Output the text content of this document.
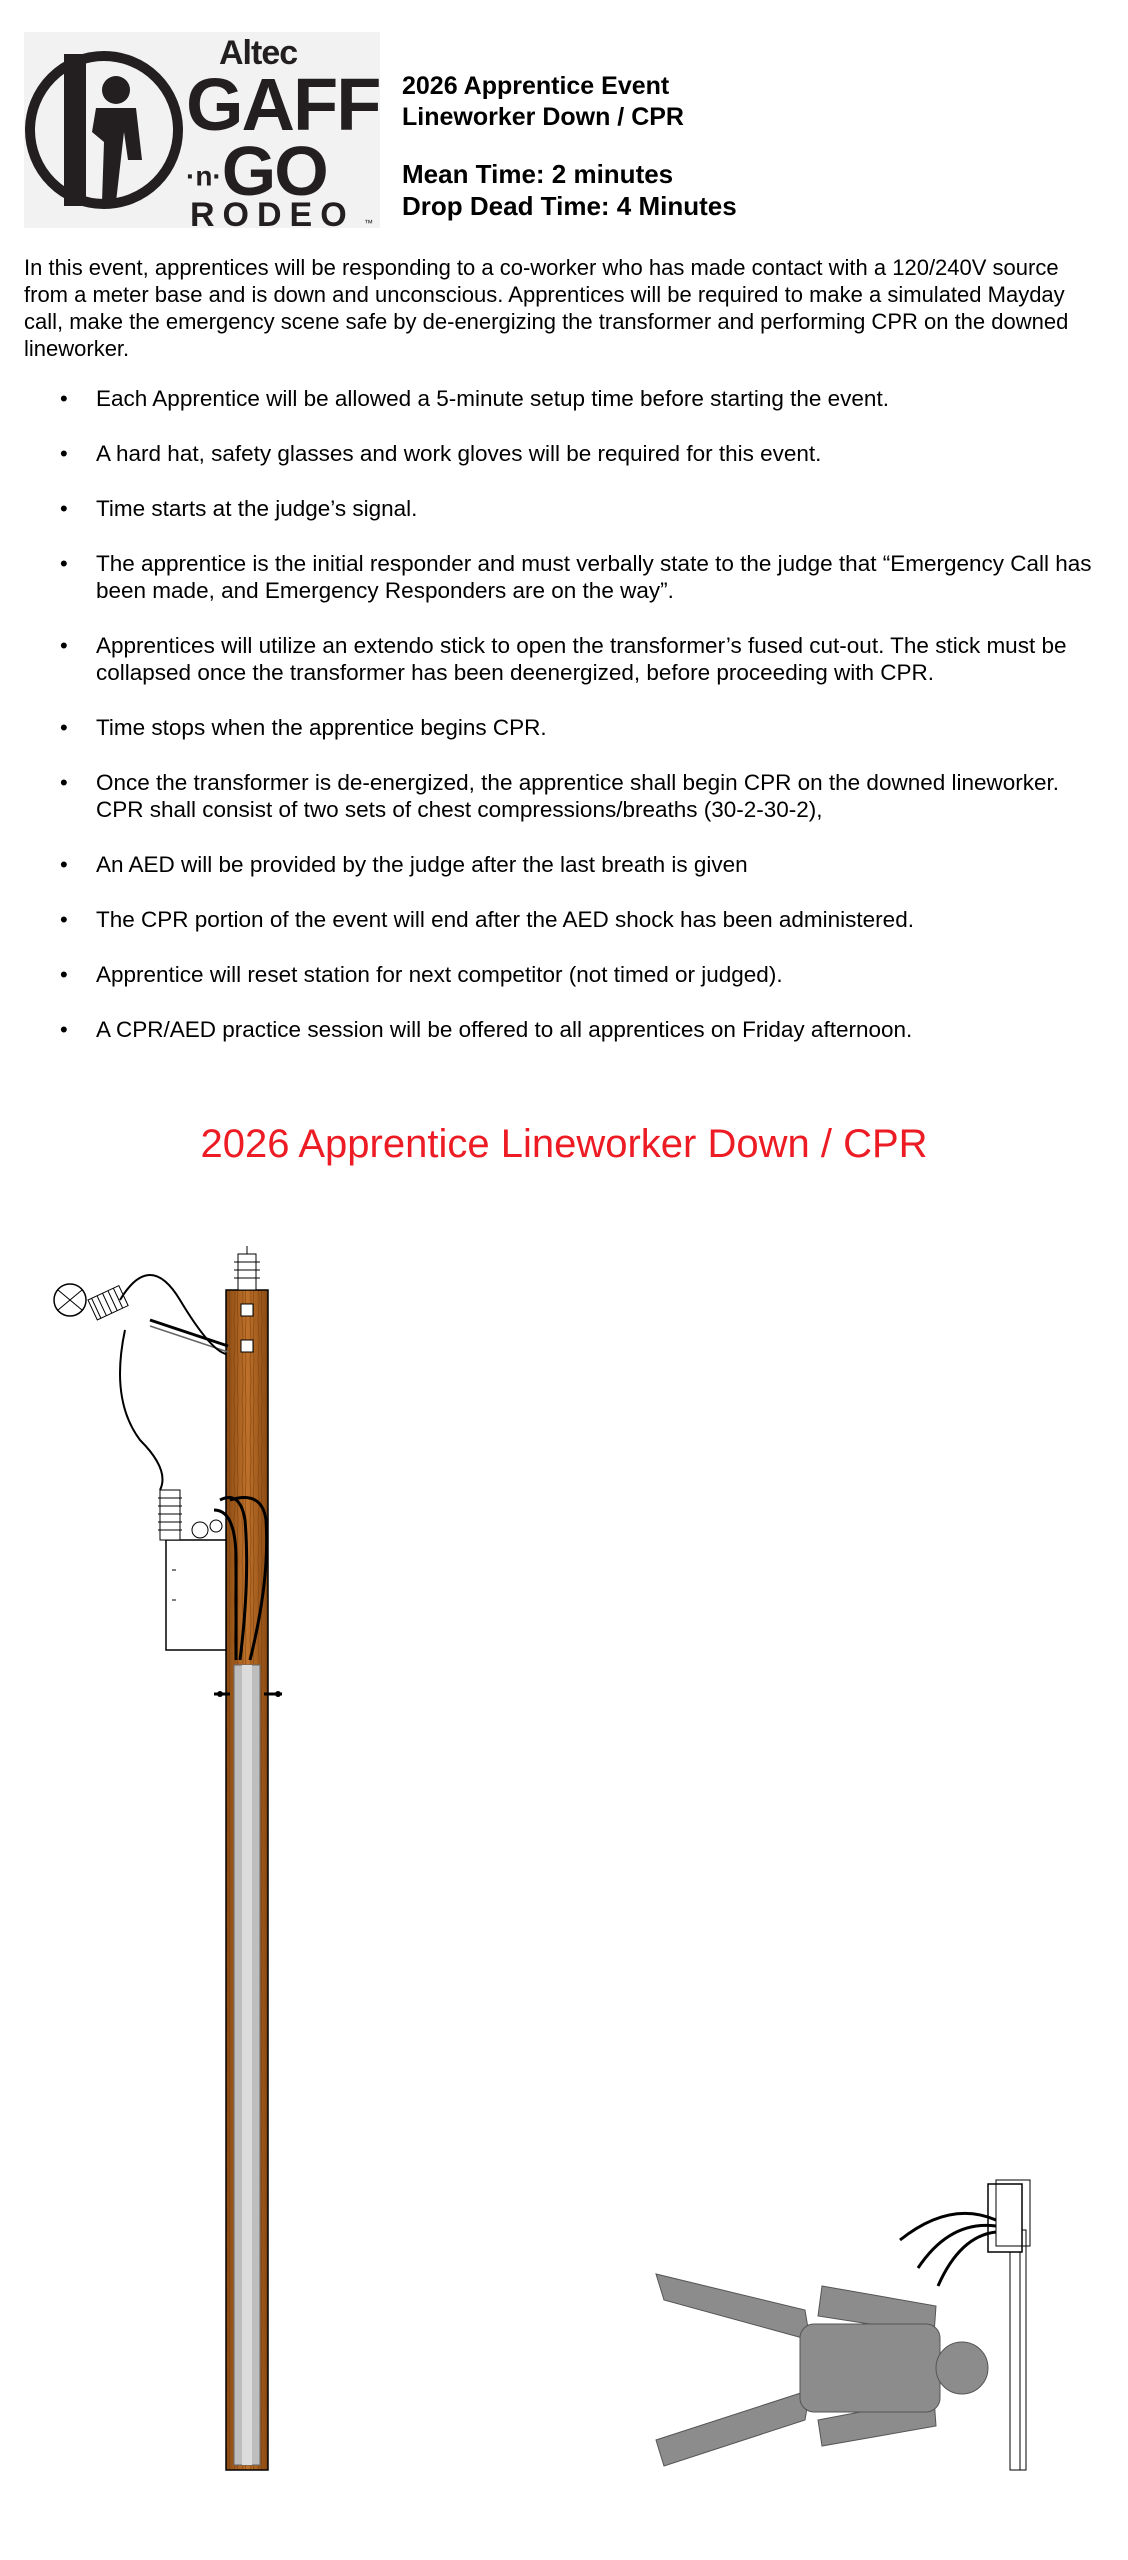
Altec
GAFF
·n·GO
RODEO ™
2026 Apprentice Event
Lineworker Down / CPR
Mean Time: 2 minutes
Drop Dead Time: 4 Minutes
In this event, apprentices will be responding to a co-worker who has made contact with a 120/240V source from a meter base and is down and unconscious. Apprentices will be required to make a simulated Mayday call, make the emergency scene safe by de-energizing the transformer and performing CPR on the downed lineworker.
• Each Apprentice will be allowed a 5-minute setup time before starting the event.
• A hard hat, safety glasses and work gloves will be required for this event.
• Time starts at the judge’s signal.
• The apprentice is the initial responder and must verbally state to the judge that “Emergency Call has been made, and Emergency Responders are on the way”.
• Apprentices will utilize an extendo stick to open the transformer’s fused cut-out. The stick must be collapsed once the transformer has been deenergized, before proceeding with CPR.
• Time stops when the apprentice begins CPR.
• Once the transformer is de-energized, the apprentice shall begin CPR on the downed lineworker. CPR shall consist of two sets of chest compressions/breaths (30-2-30-2),
• An AED will be provided by the judge after the last breath is given
• The CPR portion of the event will end after the AED shock has been administered.
• Apprentice will reset station for next competitor (not timed or judged).
• A CPR/AED practice session will be offered to all apprentices on Friday afternoon.
2026 Apprentice Lineworker Down / CPR
